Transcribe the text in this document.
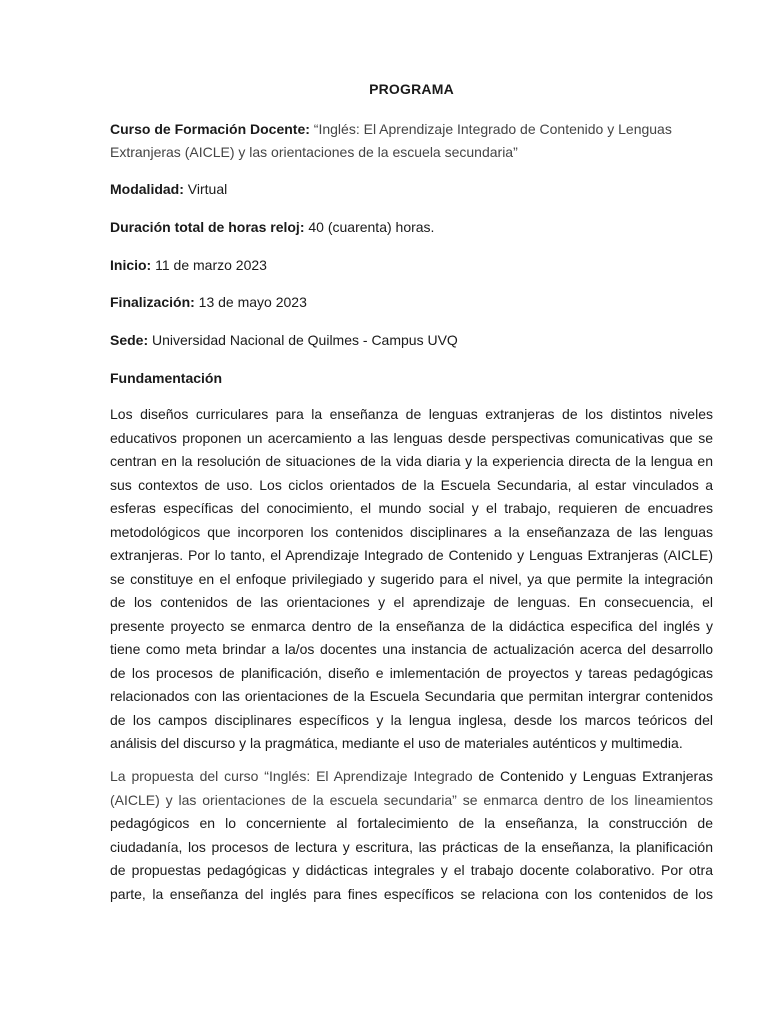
PROGRAMA
Curso de Formación Docente: “Inglés: El Aprendizaje Integrado de Contenido y Lenguas
Extranjeras (AICLE) y las orientaciones de la escuela secundaria”
Modalidad: Virtual
Duración total de horas reloj: 40 (cuarenta) horas.
Inicio: 11 de marzo 2023
Finalización: 13 de mayo 2023
Sede: Universidad Nacional de Quilmes - Campus UVQ
Fundamentación
Los diseños curriculares para la enseñanza de lenguas extranjeras de los distintos niveles
educativos proponen un acercamiento a las lenguas desde perspectivas comunicativas que se
centran en la resolución de situaciones de la vida diaria y la experiencia directa de la lengua en
sus contextos de uso. Los ciclos orientados de la Escuela Secundaria, al estar vinculados a
esferas específicas del conocimiento, el mundo social y el trabajo, requieren de encuadres
metodológicos que incorporen los contenidos disciplinares a la enseñanzaza de las lenguas
extranjeras. Por lo tanto, el Aprendizaje Integrado de Contenido y Lenguas Extranjeras (AICLE)
se constituye en el enfoque privilegiado y sugerido para el nivel, ya que permite la integración
de los contenidos de las orientaciones y el aprendizaje de lenguas. En consecuencia, el
presente proyecto se enmarca dentro de la enseñanza de la didáctica especifica del inglés y
tiene como meta brindar a la/os docentes una instancia de actualización acerca del desarrollo
de los procesos de planificación, diseño e imlementación de proyectos y tareas pedagógicas
relacionados con las orientaciones de la Escuela Secundaria que permitan intergrar contenidos
de los campos disciplinares específicos y la lengua inglesa, desde los marcos teóricos del
análisis del discurso y la pragmática, mediante el uso de materiales auténticos y multimedia.
La propuesta del curso “Inglés: El Aprendizaje Integrado de Contenido y Lenguas Extranjeras
(AICLE) y las orientaciones de la escuela secundaria” se enmarca dentro de los lineamientos
pedagógicos en lo concerniente al fortalecimiento de la enseñanza, la construcción de
ciudadanía, los procesos de lectura y escritura, las prácticas de la enseñanza, la planificación
de propuestas pedagógicas y didácticas integrales y el trabajo docente colaborativo. Por otra
parte, la enseñanza del inglés para fines específicos se relaciona con los contenidos de los
